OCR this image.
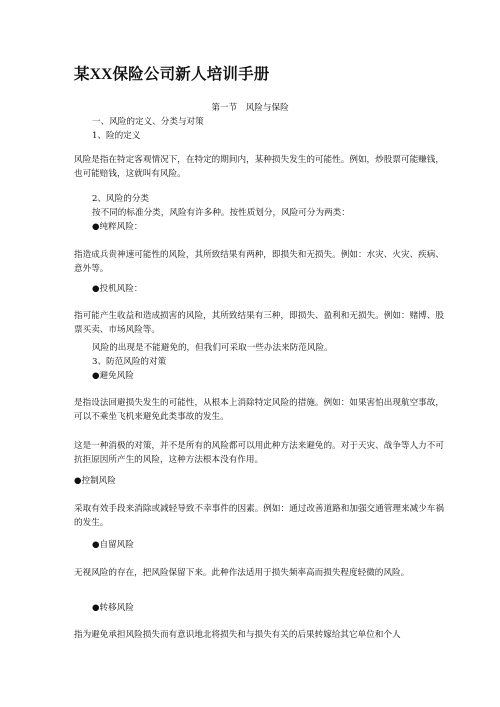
某XX保险公司新人培训手册
第一节　风险与保险
一、风险的定义、分类与对策
1、险的定义
风险是指在特定客观情况下，在特定的期间内，某种损失发生的可能性。例如，炒股票可能赚钱，也可能赔钱，这就叫有风险。
2、风险的分类
按不同的标准分类，风险有许多种。按性质划分，风险可分为两类：
●纯粹风险：
指造成兵贵神速可能性的风险，其所致结果有两种，即损失和无损失。例如：水灾、火灾、疾病、意外等。
●投机风险：
指可能产生收益和造成损害的风险，其所致结果有三种，即损失、盈利和无损失。例如：赌博、股票买卖、市场风险等。
风险的出现是不能避免的，但我们可采取一些办法来防范风险。
3、防范风险的对策
●避免风险
是指设法回避损失发生的可能性，从根本上消除特定风险的措施。例如：如果害怕出现航空事故，可以不乘坐飞机来避免此类事故的发生。
这是一种消极的对策，并不是所有的风险都可以用此种方法来避免的。对于天灾、战争等人力不可抗拒原因所产生的风险，这种方法根本没有作用。
●控制风险
采取有效手段来消除或减轻导致不幸事件的因素。例如：通过改善道路和加强交通管理来减少车祸的发生。
●自留风险
无视风险的存在，把风险保留下来。此种作法适用于损失频率高而损失程度轻微的风险。
●转移风险
指为避免承担风险损失而有意识地北将损失和与损失有关的后果转嫁给其它单位和个人
